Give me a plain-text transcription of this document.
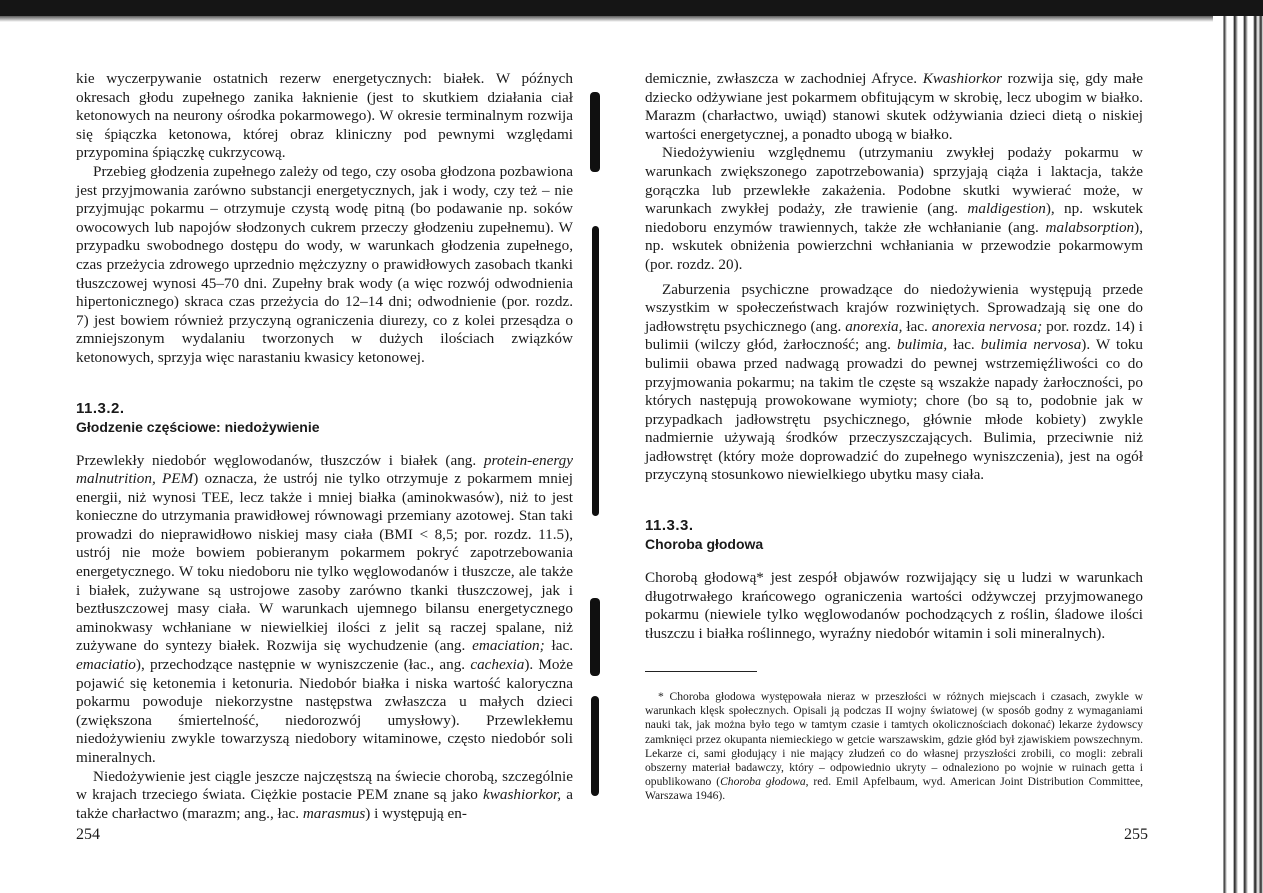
kie wyczerpywanie ostatnich rezerw energetycznych: białek. W późnych okresach głodu zupełnego zanika łaknienie (jest to skutkiem działania ciał ketonowych na neurony ośrodka pokarmowego). W okresie terminalnym rozwija się śpiączka ketonowa, której obraz kliniczny pod pewnymi względami przypomina śpiączkę cukrzycową.

Przebieg głodzenia zupełnego zależy od tego, czy osoba głodzona pozbawiona jest przyjmowania zarówno substancji energetycznych, jak i wody, czy też – nie przyjmując pokarmu – otrzymuje czystą wodę pitną (bo podawanie np. soków owocowych lub napojów słodzonych cukrem przeczy głodzeniu zupełnemu). W przypadku swobodnego dostępu do wody, w warunkach głodzenia zupełnego, czas przeżycia zdrowego uprzednio mężczyzny o prawidłowych zasobach tkanki tłuszczowej wynosi 45–70 dni. Zupełny brak wody (a więc rozwój odwodnienia hipertonicznego) skraca czas przeżycia do 12–14 dni; odwodnienie (por. rozdz. 7) jest bowiem również przyczyną ograniczenia diurezy, co z kolei przesądza o zmniejszonym wydalaniu tworzonych w dużych ilościach związków ketonowych, sprzyja więc narastaniu kwasicy ketonowej.

11.3.2.

Głodzenie częściowe: niedożywienie

Przewlekły niedobór węglowodanów, tłuszczów i białek (ang. protein-energy malnutrition, PEM) oznacza, że ustrój nie tylko otrzymuje z pokarmem mniej energii, niż wynosi TEE, lecz także i mniej białka (aminokwasów), niż to jest konieczne do utrzymania prawidłowej równowagi przemiany azotowej. Stan taki prowadzi do nieprawidłowo niskiej masy ciała (BMI < 8,5; por. rozdz. 11.5), ustrój nie może bowiem pobieranym pokarmem pokryć zapotrzebowania energetycznego. W toku niedoboru nie tylko węglowodanów i tłuszcze, ale także i białek, zużywane są ustrojowe zasoby zarówno tkanki tłuszczowej, jak i beztłuszczowej masy ciała. W warunkach ujemnego bilansu energetycznego aminokwasy wchłaniane w niewielkiej ilości z jelit są raczej spalane, niż zużywane do syntezy białek. Rozwija się wychudzenie (ang. emaciation; łac. emaciatio), przechodzące następnie w wyniszczenie (łac., ang. cachexia). Może pojawić się ketonemia i ketonuria. Niedobór białka i niska wartość kaloryczna pokarmu powoduje niekorzystne następstwa zwłaszcza u małych dzieci (zwiększona śmiertelność, niedorozwój umysłowy). Przewlekłemu niedożywieniu zwykle towarzyszą niedobory witaminowe, często niedobór soli mineralnych.

Niedożywienie jest ciągle jeszcze najczęstszą na świecie chorobą, szczególnie w krajach trzeciego świata. Ciężkie postacie PEM znane są jako kwashiorkor, a także charłactwo (marazm; ang., łac. marasmus) i występują en-

254

demicznie, zwłaszcza w zachodniej Afryce. Kwashiorkor rozwija się, gdy małe dziecko odżywiane jest pokarmem obfitującym w skrobię, lecz ubogim w białko. Marazm (charłactwo, uwiąd) stanowi skutek odżywiania dzieci dietą o niskiej wartości energetycznej, a ponadto ubogą w białko.

Niedożywieniu względnemu (utrzymaniu zwykłej podaży pokarmu w warunkach zwiększonego zapotrzebowania) sprzyjają ciąża i laktacja, także gorączka lub przewlekłe zakażenia. Podobne skutki wywierać może, w warunkach zwykłej podaży, złe trawienie (ang. maldigestion), np. wskutek niedoboru enzymów trawiennych, także złe wchłanianie (ang. malabsorption), np. wskutek obniżenia powierzchni wchłaniania w przewodzie pokarmowym (por. rozdz. 20).

Zaburzenia psychiczne prowadzące do niedożywienia występują przede wszystkim w społeczeństwach krajów rozwiniętych. Sprowadzają się one do jadłowstrętu psychicznego (ang. anorexia, łac. anorexia nervosa; por. rozdz. 14) i bulimii (wilczy głód, żarłoczność; ang. bulimia, łac. bulimia nervosa). W toku bulimii obawa przed nadwagą prowadzi do pewnej wstrzemięźliwości co do przyjmowania pokarmu; na takim tle częste są wszakże napady żarłoczności, po których następują prowokowane wymioty; chore (bo są to, podobnie jak w przypadkach jadłowstrętu psychicznego, głównie młode kobiety) zwykle nadmiernie używają środków przeczyszczających. Bulimia, przeciwnie niż jadłowstręt (który może doprowadzić do zupełnego wyniszczenia), jest na ogół przyczyną stosunkowo niewielkiego ubytku masy ciała.

11.3.3.

Choroba głodowa

Chorobą głodową* jest zespół objawów rozwijający się u ludzi w warunkach długotrwałego krańcowego ograniczenia wartości odżywczej przyjmowanego pokarmu (niewiele tylko węglowodanów pochodzących z roślin, śladowe ilości tłuszczu i białka roślinnego, wyraźny niedobór witamin i soli mineralnych).

* Choroba głodowa występowała nieraz w przeszłości w różnych miejscach i czasach, zwykle w warunkach klęsk społecznych. Opisali ją podczas II wojny światowej (w sposób godny z wymaganiami nauki tak, jak można było tego w tamtym czasie i tamtych okolicznościach dokonać) lekarze żydowscy zamknięci przez okupanta niemieckiego w getcie warszawskim, gdzie głód był zjawiskiem powszechnym. Lekarze ci, sami głodujący i nie mający złudzeń co do własnej przyszłości zrobili, co mogli: zebrali obszerny materiał badawczy, który – odpowiednio ukryty – odnaleziono po wojnie w ruinach getta i opublikowano (Choroba głodowa, red. Emil Apfelbaum, wyd. American Joint Distribution Committee, Warszawa 1946).

255
